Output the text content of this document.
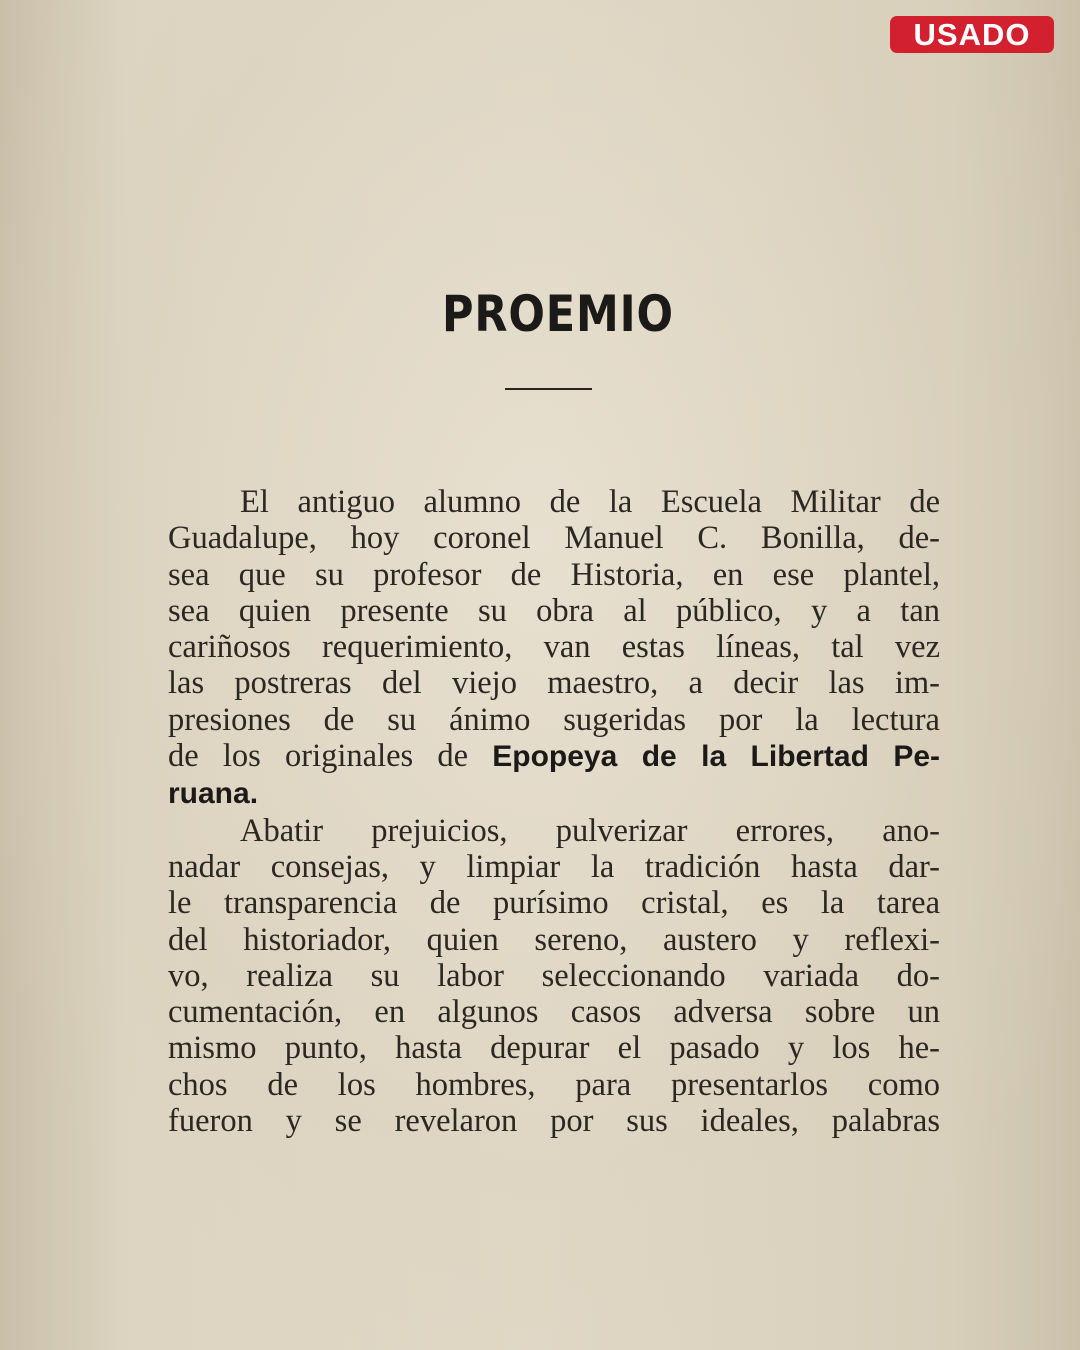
USADO
PROEMIO
El antiguo alumno de la Escuela Militar de
Guadalupe, hoy coronel Manuel C. Bonilla, de-
sea que su profesor de Historia, en ese plantel,
sea quien presente su obra al público, y a tan
cariñosos requerimiento, van estas líneas, tal vez
las postreras del viejo maestro, a decir las im-
presiones de su ánimo sugeridas por la lectura
de los originales de Epopeya de la Libertad Pe-
ruana.
Abatir prejuicios, pulverizar errores, ano-
nadar consejas, y limpiar la tradición hasta dar-
le transparencia de purísimo cristal, es la tarea
del historiador, quien sereno, austero y reflexi-
vo, realiza su labor seleccionando variada do-
cumentación, en algunos casos adversa sobre un
mismo punto, hasta depurar el pasado y los he-
chos de los hombres, para presentarlos como
fueron y se revelaron por sus ideales, palabras
